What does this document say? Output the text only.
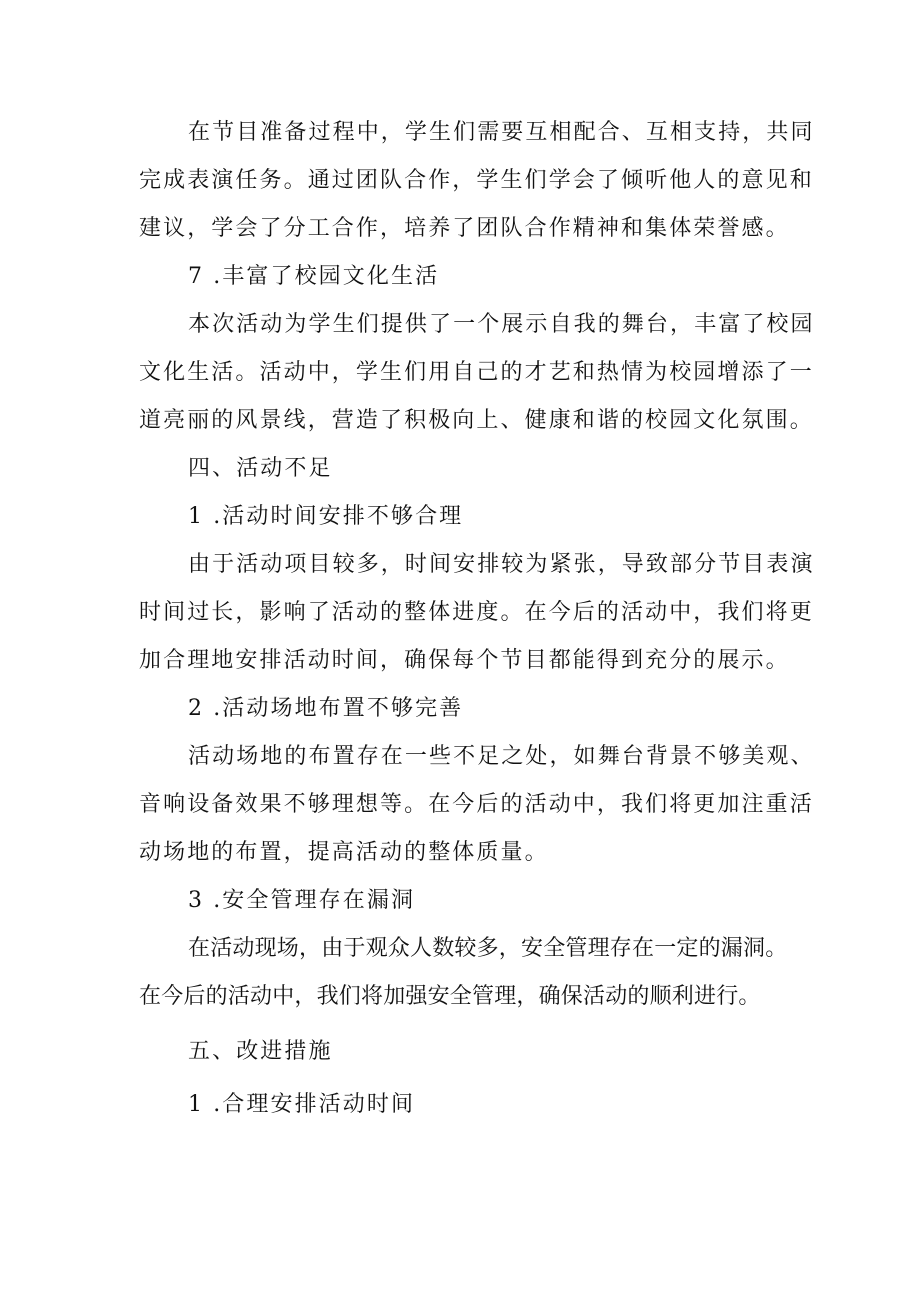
在节目准备过程中，学生们需要互相配合、互相支持，共同
完成表演任务。通过团队合作，学生们学会了倾听他人的意见和
建议，学会了分工合作，培养了团队合作精神和集体荣誉感。
7 .丰富了校园文化生活
本次活动为学生们提供了一个展示自我的舞台，丰富了校园
文化生活。活动中，学生们用自己的才艺和热情为校园增添了一
道亮丽的风景线，营造了积极向上、健康和谐的校园文化氛围。
四、活动不足
1 .活动时间安排不够合理
由于活动项目较多，时间安排较为紧张，导致部分节目表演
时间过长，影响了活动的整体进度。在今后的活动中，我们将更
加合理地安排活动时间，确保每个节目都能得到充分的展示。
2 .活动场地布置不够完善
活动场地的布置存在一些不足之处，如舞台背景不够美观、
音响设备效果不够理想等。在今后的活动中，我们将更加注重活
动场地的布置，提高活动的整体质量。
3 .安全管理存在漏洞
在活动现场，由于观众人数较多，安全管理存在一定的漏洞。
在今后的活动中，我们将加强安全管理，确保活动的顺利进行。
五、改进措施
1 .合理安排活动时间
